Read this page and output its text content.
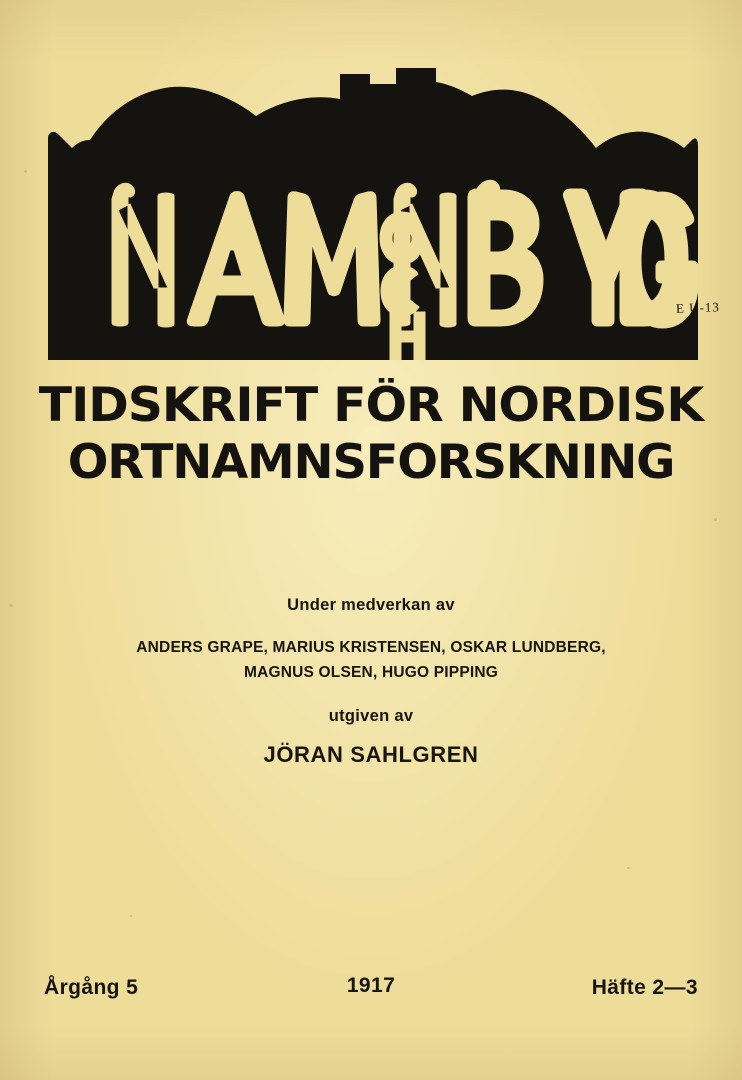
E U-13
TIDSKRIFT FÖR NORDISK
ORTNAMNSFORSKNING
Under medverkan av
ANDERS GRAPE, MARIUS KRISTENSEN, OSKAR LUNDBERG,
MAGNUS OLSEN, HUGO PIPPING
utgiven av
JÖRAN SAHLGREN
Årgång 5	1917	Häfte 2—3
